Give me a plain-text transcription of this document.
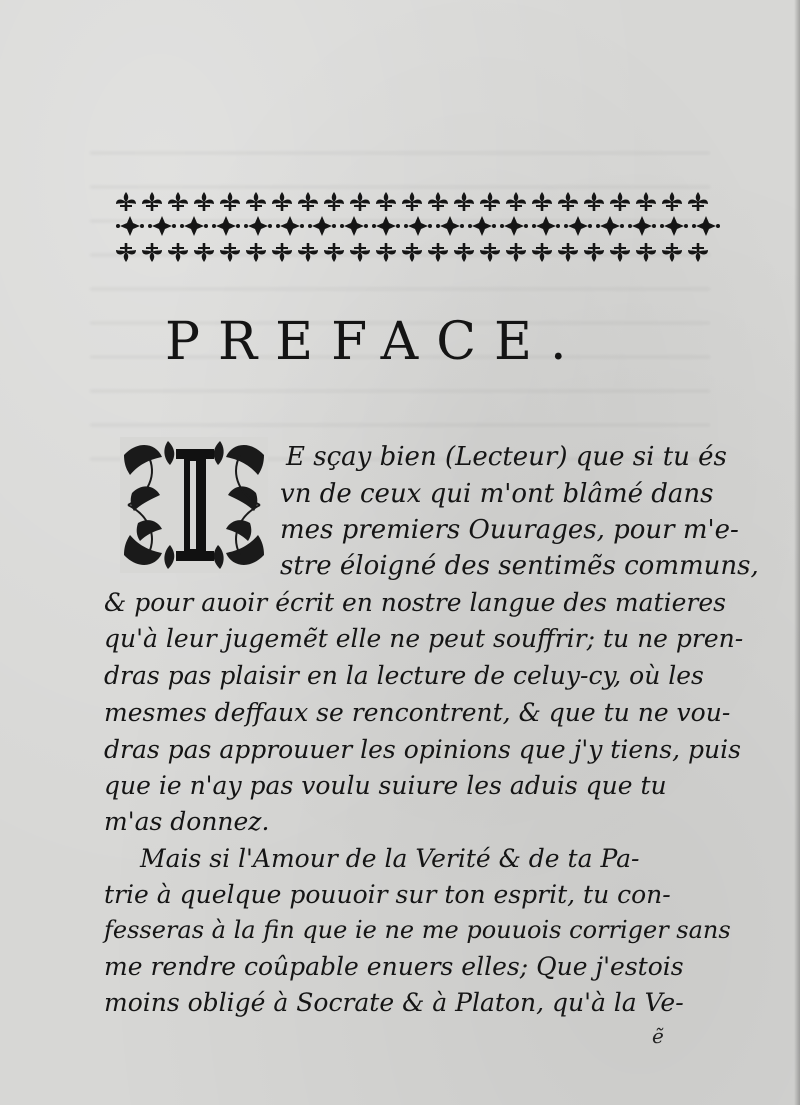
PREFACE.
I
E sçay bien (Lecteur) que si tu és
vn de ceux qui m'ont blâmé dans
mes premiers Ouurages, pour m'e-
stre éloigné des sentimẽs communs,
& pour auoir écrit en nostre langue des matieres
qu'à leur jugemẽt elle ne peut souffrir; tu ne pren-
dras pas plaisir en la lecture de celuy-cy, où les
mesmes deffaux se rencontrent, & que tu ne vou-
dras pas approuuer les opinions que j'y tiens, puis
que ie n'ay pas voulu suiure les aduis que tu
m'as donnez.
Mais si l'Amour de la Verité & de ta Pa-
trie à quelque pouuoir sur ton esprit, tu con-
fesseras à la fin que ie ne me pouuois corriger sans
me rendre coûpable enuers elles; Que j'estois
moins obligé à Socrate & à Platon, qu'à la Ve-
ẽ
